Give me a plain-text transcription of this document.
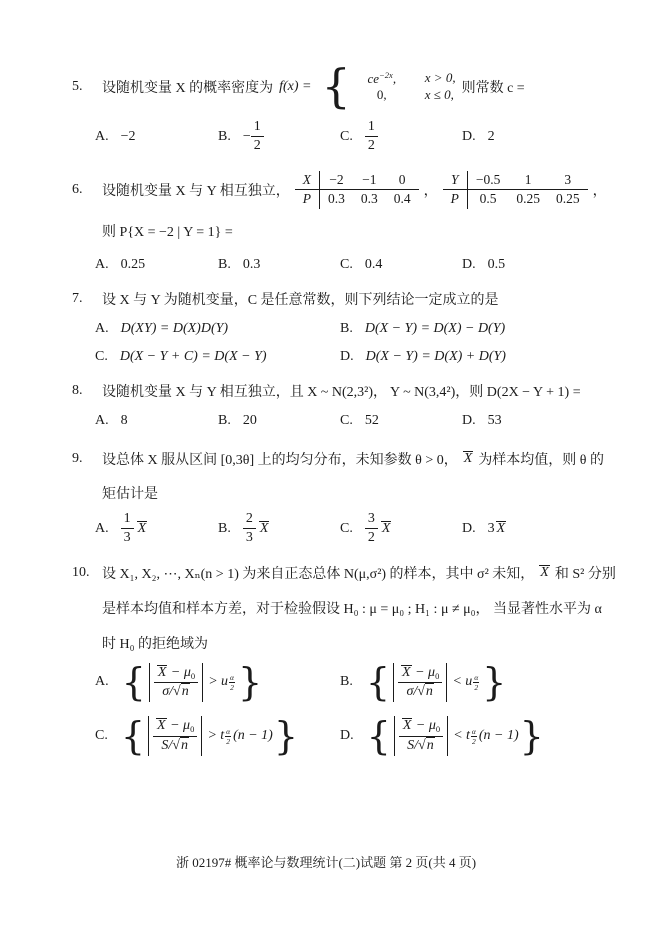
5.	设随机变量 X 的概率密度为 f(x) = {	$ce^{-2x}$,	x > 0,
0,	x ≤ 0, 则常数 c =
A. −2	B. − $\frac{1}{2}$	C. $\frac{1}{2}$	D. 2
6.	设随机变量 X 与 Y 相互独立，
X	−2	−1	0
P	0.3	0.3	0.4 ，
Y	−0.5	1	3
P	0.5	0.25	0.25 ，
则 P{X = −2 | Y = 1} =
A. 0.25	B. 0.3	C. 0.4	D. 0.5
7.	设 X 与 Y 为随机变量，C 是任意常数，则下列结论一定成立的是
A. D(XY) = D(X)D(Y)	B. D(X − Y) = D(X) − D(Y)
C. D(X − Y + C) = D(X − Y)	D. D(X − Y) = D(X) + D(Y)
8.	设随机变量 X 与 Y 相互独立，且 X ~ N(2,3²)， Y ~ N(3,4²)，则 D(2X − Y + 1) =
A. 8	B. 20	C. 52	D. 53
9.	设总体 X 服从区间 [0,3θ] 上的均匀分布，未知参数 θ > 0， X 为样本均值，则 θ 的
矩估计是
A. $\frac{1}{3}$ X	B. $\frac{2}{3}$ X	C. $\frac{3}{2}$ X	D. 3 X
10. 设 X₁, X₂, ⋯, Xₙ(n > 1) 为来自正态总体 N(μ,σ²) 的样本，其中 σ² 未知， X 和 S² 分别
是样本均值和样本方差，对于检验假设 H₀ : μ = μ₀ ; H₁ : μ ≠ μ₀， 当显著性水平为 α
时 H₀ 的拒绝域为
A. { $\frac{X - \mu_0}{\sigma/√n} > u$ α
2 }	B. { $\frac{X - \mu_0}{\sigma/√n} < u$ α
2 }
C. { $\frac{X - \mu_0}{S/√n} > t$ α
2 (n − 1) }	D. { $\frac{X - \mu_0}{S/√n} < t$ α
2 (n − 1) }
浙 02197# 概率论与数理统计(二)试题 第 2 页(共 4 页)
